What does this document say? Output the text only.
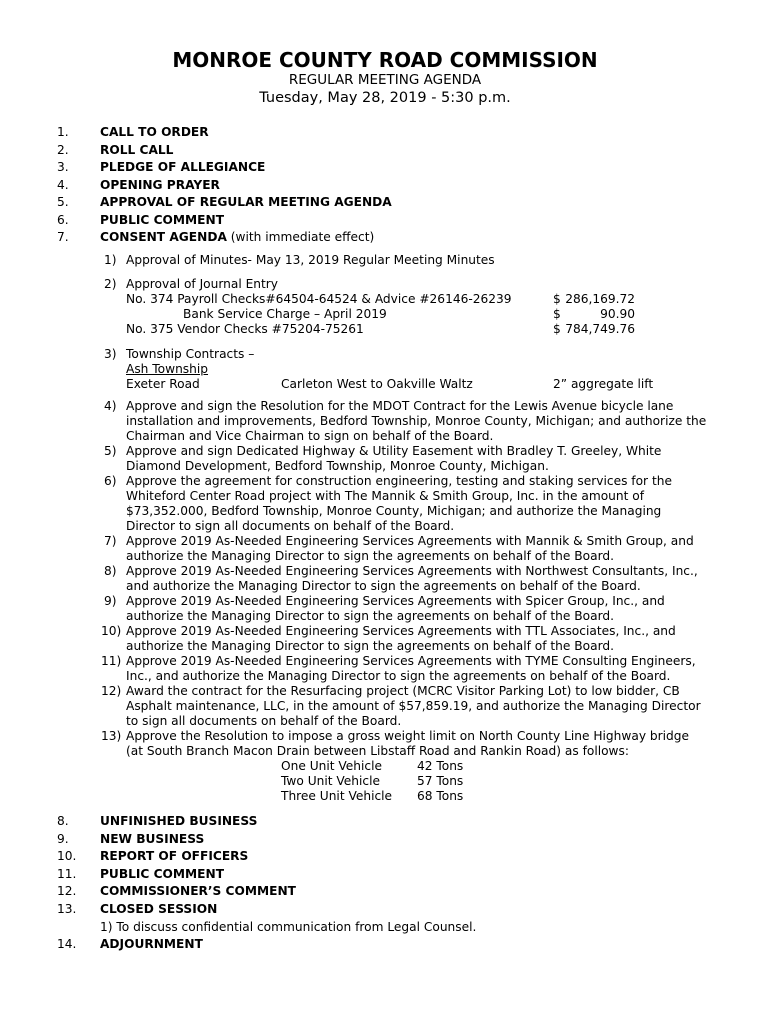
MONROE COUNTY ROAD COMMISSION
REGULAR MEETING AGENDA
Tuesday, May 28, 2019 - 5:30 p.m.
1.	CALL TO ORDER
2.	ROLL CALL
3.	PLEDGE OF ALLEGIANCE
4.	OPENING PRAYER
5.	APPROVAL OF REGULAR MEETING AGENDA
6.	PUBLIC COMMENT
7.	CONSENT AGENDA (with immediate effect)
1) Approval of Minutes- May 13, 2019 Regular Meeting Minutes
2) Approval of Journal Entry
No. 374 Payroll Checks#64504-64524 & Advice #26146-26239	$ 286,169.72
Bank Service Charge – April 2019	$	90.90
No. 375 Vendor Checks #75204-75261	$ 784,749.76
3) Township Contracts –
Ash Township
Exeter Road	Carleton West to Oakville Waltz	2” aggregate lift
4) Approve and sign the Resolution for the MDOT Contract for the Lewis Avenue bicycle lane
installation and improvements, Bedford Township, Monroe County, Michigan; and authorize the
Chairman and Vice Chairman to sign on behalf of the Board.
5) Approve and sign Dedicated Highway & Utility Easement with Bradley T. Greeley, White
Diamond Development, Bedford Township, Monroe County, Michigan.
6) Approve the agreement for construction engineering, testing and staking services for the
Whiteford Center Road project with The Mannik & Smith Group, Inc. in the amount of
$73,352.000, Bedford Township, Monroe County, Michigan; and authorize the Managing
Director to sign all documents on behalf of the Board.
7) Approve 2019 As-Needed Engineering Services Agreements with Mannik & Smith Group, and
authorize the Managing Director to sign the agreements on behalf of the Board.
8) Approve 2019 As-Needed Engineering Services Agreements with Northwest Consultants, Inc.,
and authorize the Managing Director to sign the agreements on behalf of the Board.
9) Approve 2019 As-Needed Engineering Services Agreements with Spicer Group, Inc., and
authorize the Managing Director to sign the agreements on behalf of the Board.
10) Approve 2019 As-Needed Engineering Services Agreements with TTL Associates, Inc., and
authorize the Managing Director to sign the agreements on behalf of the Board.
11) Approve 2019 As-Needed Engineering Services Agreements with TYME Consulting Engineers,
Inc., and authorize the Managing Director to sign the agreements on behalf of the Board.
12) Award the contract for the Resurfacing project (MCRC Visitor Parking Lot) to low bidder, CB
Asphalt maintenance, LLC, in the amount of $57,859.19, and authorize the Managing Director
to sign all documents on behalf of the Board.
13) Approve the Resolution to impose a gross weight limit on North County Line Highway bridge
(at South Branch Macon Drain between Libstaff Road and Rankin Road) as follows:
One Unit Vehicle	42 Tons
Two Unit Vehicle	57 Tons
Three Unit Vehicle 68 Tons
8.	UNFINISHED BUSINESS
9.	NEW BUSINESS
10. REPORT OF OFFICERS
11. PUBLIC COMMENT
12. COMMISSIONER’S COMMENT
13. CLOSED SESSION
1) To discuss confidential communication from Legal Counsel.
14. ADJOURNMENT
